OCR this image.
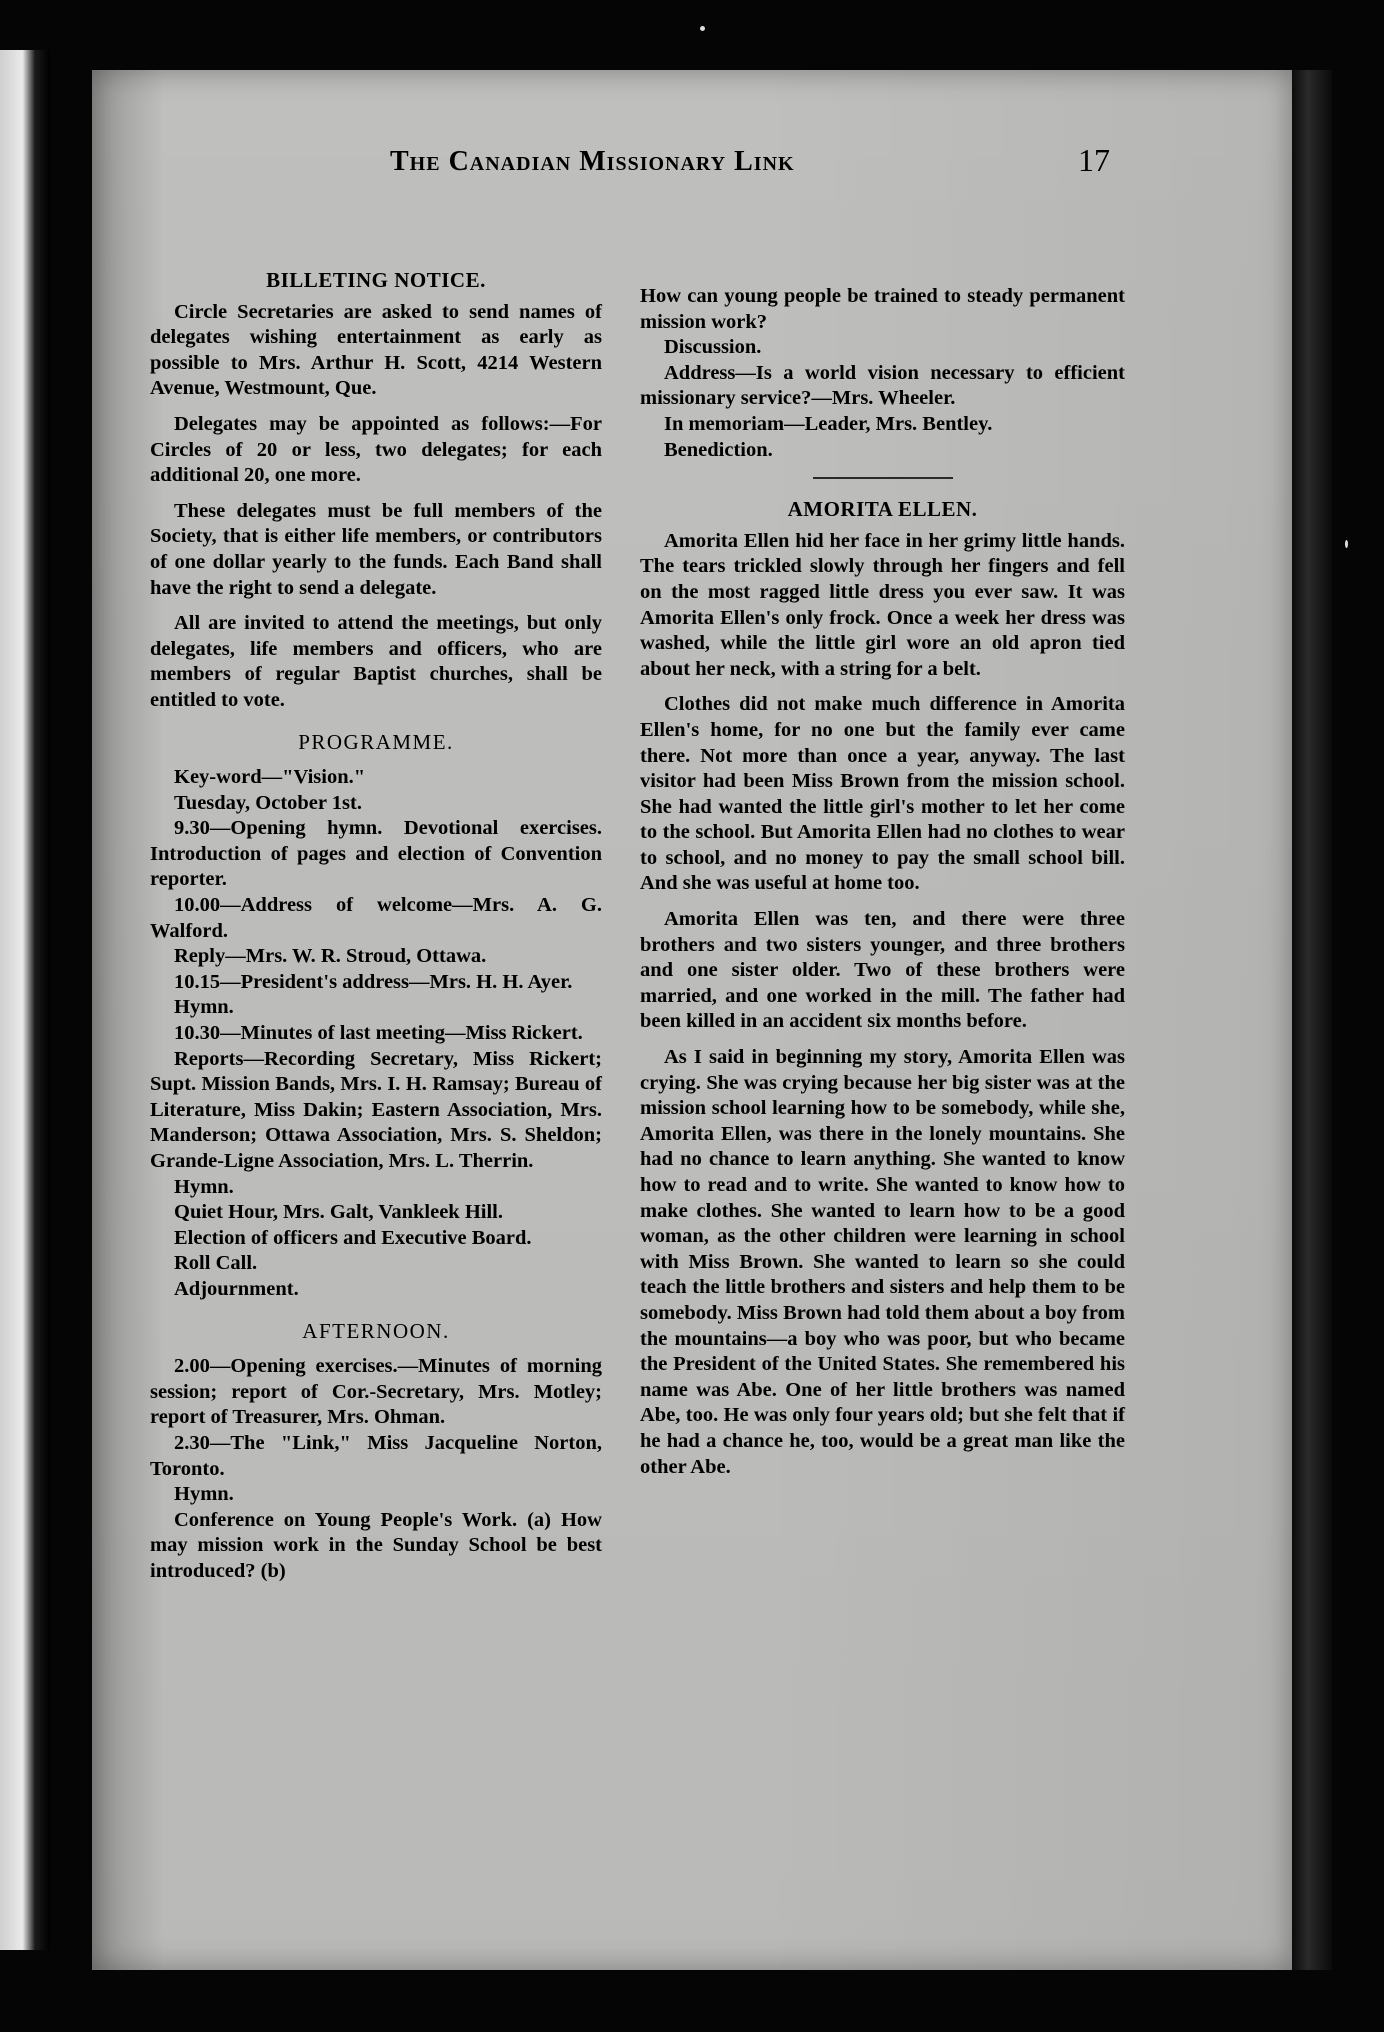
The Canadian Missionary Link	17
BILLETING NOTICE.

Circle Secretaries are asked to send names of delegates wishing entertainment as early as possible to Mrs. Arthur H. Scott, 4214 Western Avenue, Westmount, Que.

Delegates may be appointed as follows:—For Circles of 20 or less, two delegates; for each additional 20, one more.

These delegates must be full members of the Society, that is either life members, or contributors of one dollar yearly to the funds. Each Band shall have the right to send a delegate.

All are invited to attend the meetings, but only delegates, life members and officers, who are members of regular Baptist churches, shall be entitled to vote.

PROGRAMME.

Key-word—"Vision."

Tuesday, October 1st.

9.30—Opening hymn. Devotional exercises. Introduction of pages and election of Convention reporter.

10.00—Address of welcome—Mrs. A. G. Walford.

Reply—Mrs. W. R. Stroud, Ottawa.

10.15—President's address—Mrs. H. H. Ayer.

Hymn.

10.30—Minutes of last meeting—Miss Rickert.

Reports—Recording Secretary, Miss Rickert; Supt. Mission Bands, Mrs. I. H. Ramsay; Bureau of Literature, Miss Dakin; Eastern Association, Mrs. Manderson; Ottawa Association, Mrs. S. Sheldon; Grande-Ligne Association, Mrs. L. Therrin.

Hymn.

Quiet Hour, Mrs. Galt, Vankleek Hill.

Election of officers and Executive Board.

Roll Call.

Adjournment.

AFTERNOON.

2.00—Opening exercises.—Minutes of morning session; report of Cor.-Secretary, Mrs. Motley; report of Treasurer, Mrs. Ohman.

2.30—The "Link," Miss Jacqueline Norton, Toronto.

Hymn.

Conference on Young People's Work. (a) How may mission work in the Sunday School be best introduced? (b)

How can young people be trained to steady permanent mission work?

Discussion.

Address—Is a world vision necessary to efficient missionary service?—Mrs. Wheeler.

In memoriam—Leader, Mrs. Bentley.

Benediction.

AMORITA ELLEN.

Amorita Ellen hid her face in her grimy little hands. The tears trickled slowly through her fingers and fell on the most ragged little dress you ever saw. It was Amorita Ellen's only frock. Once a week her dress was washed, while the little girl wore an old apron tied about her neck, with a string for a belt.

Clothes did not make much difference in Amorita Ellen's home, for no one but the family ever came there. Not more than once a year, anyway. The last visitor had been Miss Brown from the mission school. She had wanted the little girl's mother to let her come to the school. But Amorita Ellen had no clothes to wear to school, and no money to pay the small school bill. And she was useful at home too.

Amorita Ellen was ten, and there were three brothers and two sisters younger, and three brothers and one sister older. Two of these brothers were married, and one worked in the mill. The father had been killed in an accident six months before.

As I said in beginning my story, Amorita Ellen was crying. She was crying because her big sister was at the mission school learning how to be somebody, while she, Amorita Ellen, was there in the lonely mountains. She had no chance to learn anything. She wanted to know how to read and to write. She wanted to know how to make clothes. She wanted to learn how to be a good woman, as the other children were learning in school with Miss Brown. She wanted to learn so she could teach the little brothers and sisters and help them to be somebody. Miss Brown had told them about a boy from the mountains—a boy who was poor, but who became the President of the United States. She remembered his name was Abe. One of her little brothers was named Abe, too. He was only four years old; but she felt that if he had a chance he, too, would be a great man like the other Abe.
